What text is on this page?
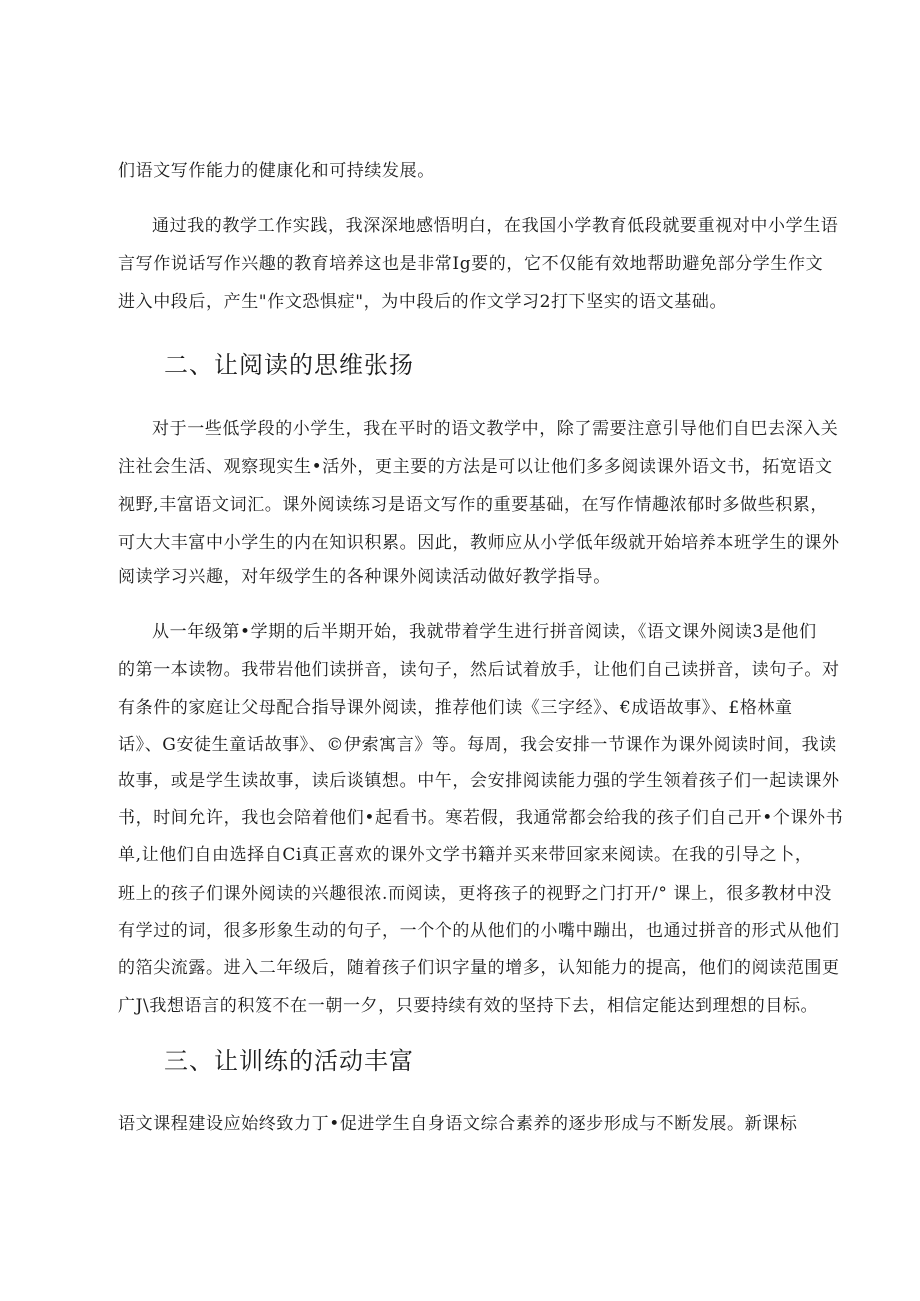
们语文写作能力的健康化和可持续发展。

通过我的教学工作实践，我深深地感悟明白，在我国小学教育低段就要重视对中小学生语

言写作说话写作兴趣的教育培养这也是非常Ig要的，它不仅能有效地帮助避免部分学生作文

进入中段后，产生"作文恐惧症"，为中段后的作文学习2打下坚实的语文基础。

二、让阅读的思维张扬

对于一些低学段的小学生，我在平时的语文教学中，除了需要注意引导他们自巴去深入关

注社会生活、观察现实生•活外，更主要的方法是可以让他们多多阅读课外语文书，拓宽语文

视野,丰富语文词汇。课外阅读练习是语文写作的重要基础，在写作情趣浓郁时多做些积累，

可大大丰富中小学生的内在知识积累。因此，教师应从小学低年级就开始培养本班学生的课外

阅读学习兴趣，对年级学生的各种课外阅读活动做好教学指导。

从一年级第•学期的后半期开始，我就带着学生进行拼音阅读，《语文课外阅读3是他们

的第一本读物。我带岩他们读拼音，读句子，然后试着放手，让他们自己读拼音，读句子。对

有条件的家庭让父母配合指导课外阅读，推荐他们读《三字经》、€成语故事》、£格林童

话》、G安徒生童话故事》、©伊索寓言》等。每周，我会安排一节课作为课外阅读时间，我读

故事，或是学生读故事，读后谈镇想。中午，会安排阅读能力强的学生领着孩子们一起读课外

书，时间允许，我也会陪着他们•起看书。寒若假，我通常都会给我的孩子们自己开•个课外书

单,让他们自由选择自Ci真正喜欢的课外文学书籍并买来带回家来阅读。在我的引导之卜，

班上的孩子们课外阅读的兴趣很浓.而阅读，更将孩子的视野之门打开/° 课上，很多教材中没

有学过的词，很多形象生动的句子，一个个的从他们的小嘴中蹦出，也通过拼音的形式从他们

的箔尖流露。进入二年级后，随着孩子们识字量的增多，认知能力的提高，他们的阅读范围更

广J\我想语言的积笈不在一朝一夕，只要持续有效的坚持下去，相信定能达到理想的目标。

三、让训练的活动丰富

语文课程建设应始终致力丁•促进学生自身语文综合素养的逐步形成与不断发展。新课标
